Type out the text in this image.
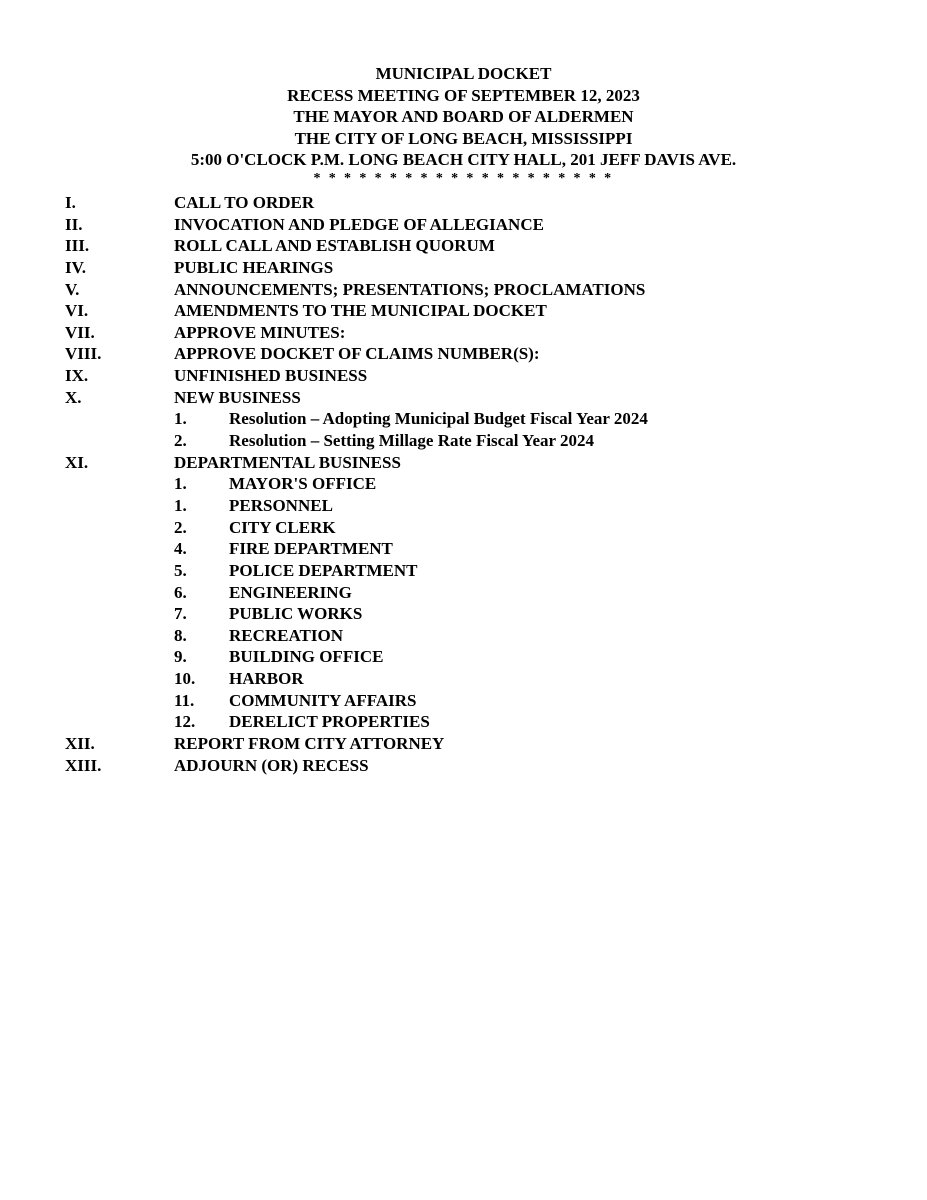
MUNICIPAL DOCKET
RECESS MEETING OF SEPTEMBER 12, 2023
THE MAYOR AND BOARD OF ALDERMEN
THE CITY OF LONG BEACH, MISSISSIPPI
5:00 O'CLOCK P.M. LONG BEACH CITY HALL, 201 JEFF DAVIS AVE.
* * * * * * * * * * * * * * * * * * * *
I.	CALL TO ORDER
II.	INVOCATION AND PLEDGE OF ALLEGIANCE
III.	ROLL CALL AND ESTABLISH QUORUM
IV.	PUBLIC HEARINGS
V.	ANNOUNCEMENTS; PRESENTATIONS; PROCLAMATIONS
VI.	AMENDMENTS TO THE MUNICIPAL DOCKET
VII.	APPROVE MINUTES:
VIII.	APPROVE DOCKET OF CLAIMS NUMBER(S):
IX.	UNFINISHED BUSINESS
X.	NEW BUSINESS
1. Resolution – Adopting Municipal Budget Fiscal Year 2024
2. Resolution – Setting Millage Rate Fiscal Year 2024
XI.	DEPARTMENTAL BUSINESS
1. MAYOR'S OFFICE
1. PERSONNEL
2. CITY CLERK
4. FIRE DEPARTMENT
5. POLICE DEPARTMENT
6. ENGINEERING
7. PUBLIC WORKS
8. RECREATION
9. BUILDING OFFICE
10. HARBOR
11. COMMUNITY AFFAIRS
12. DERELICT PROPERTIES
XII.	REPORT FROM CITY ATTORNEY
XIII.	ADJOURN (OR) RECESS
